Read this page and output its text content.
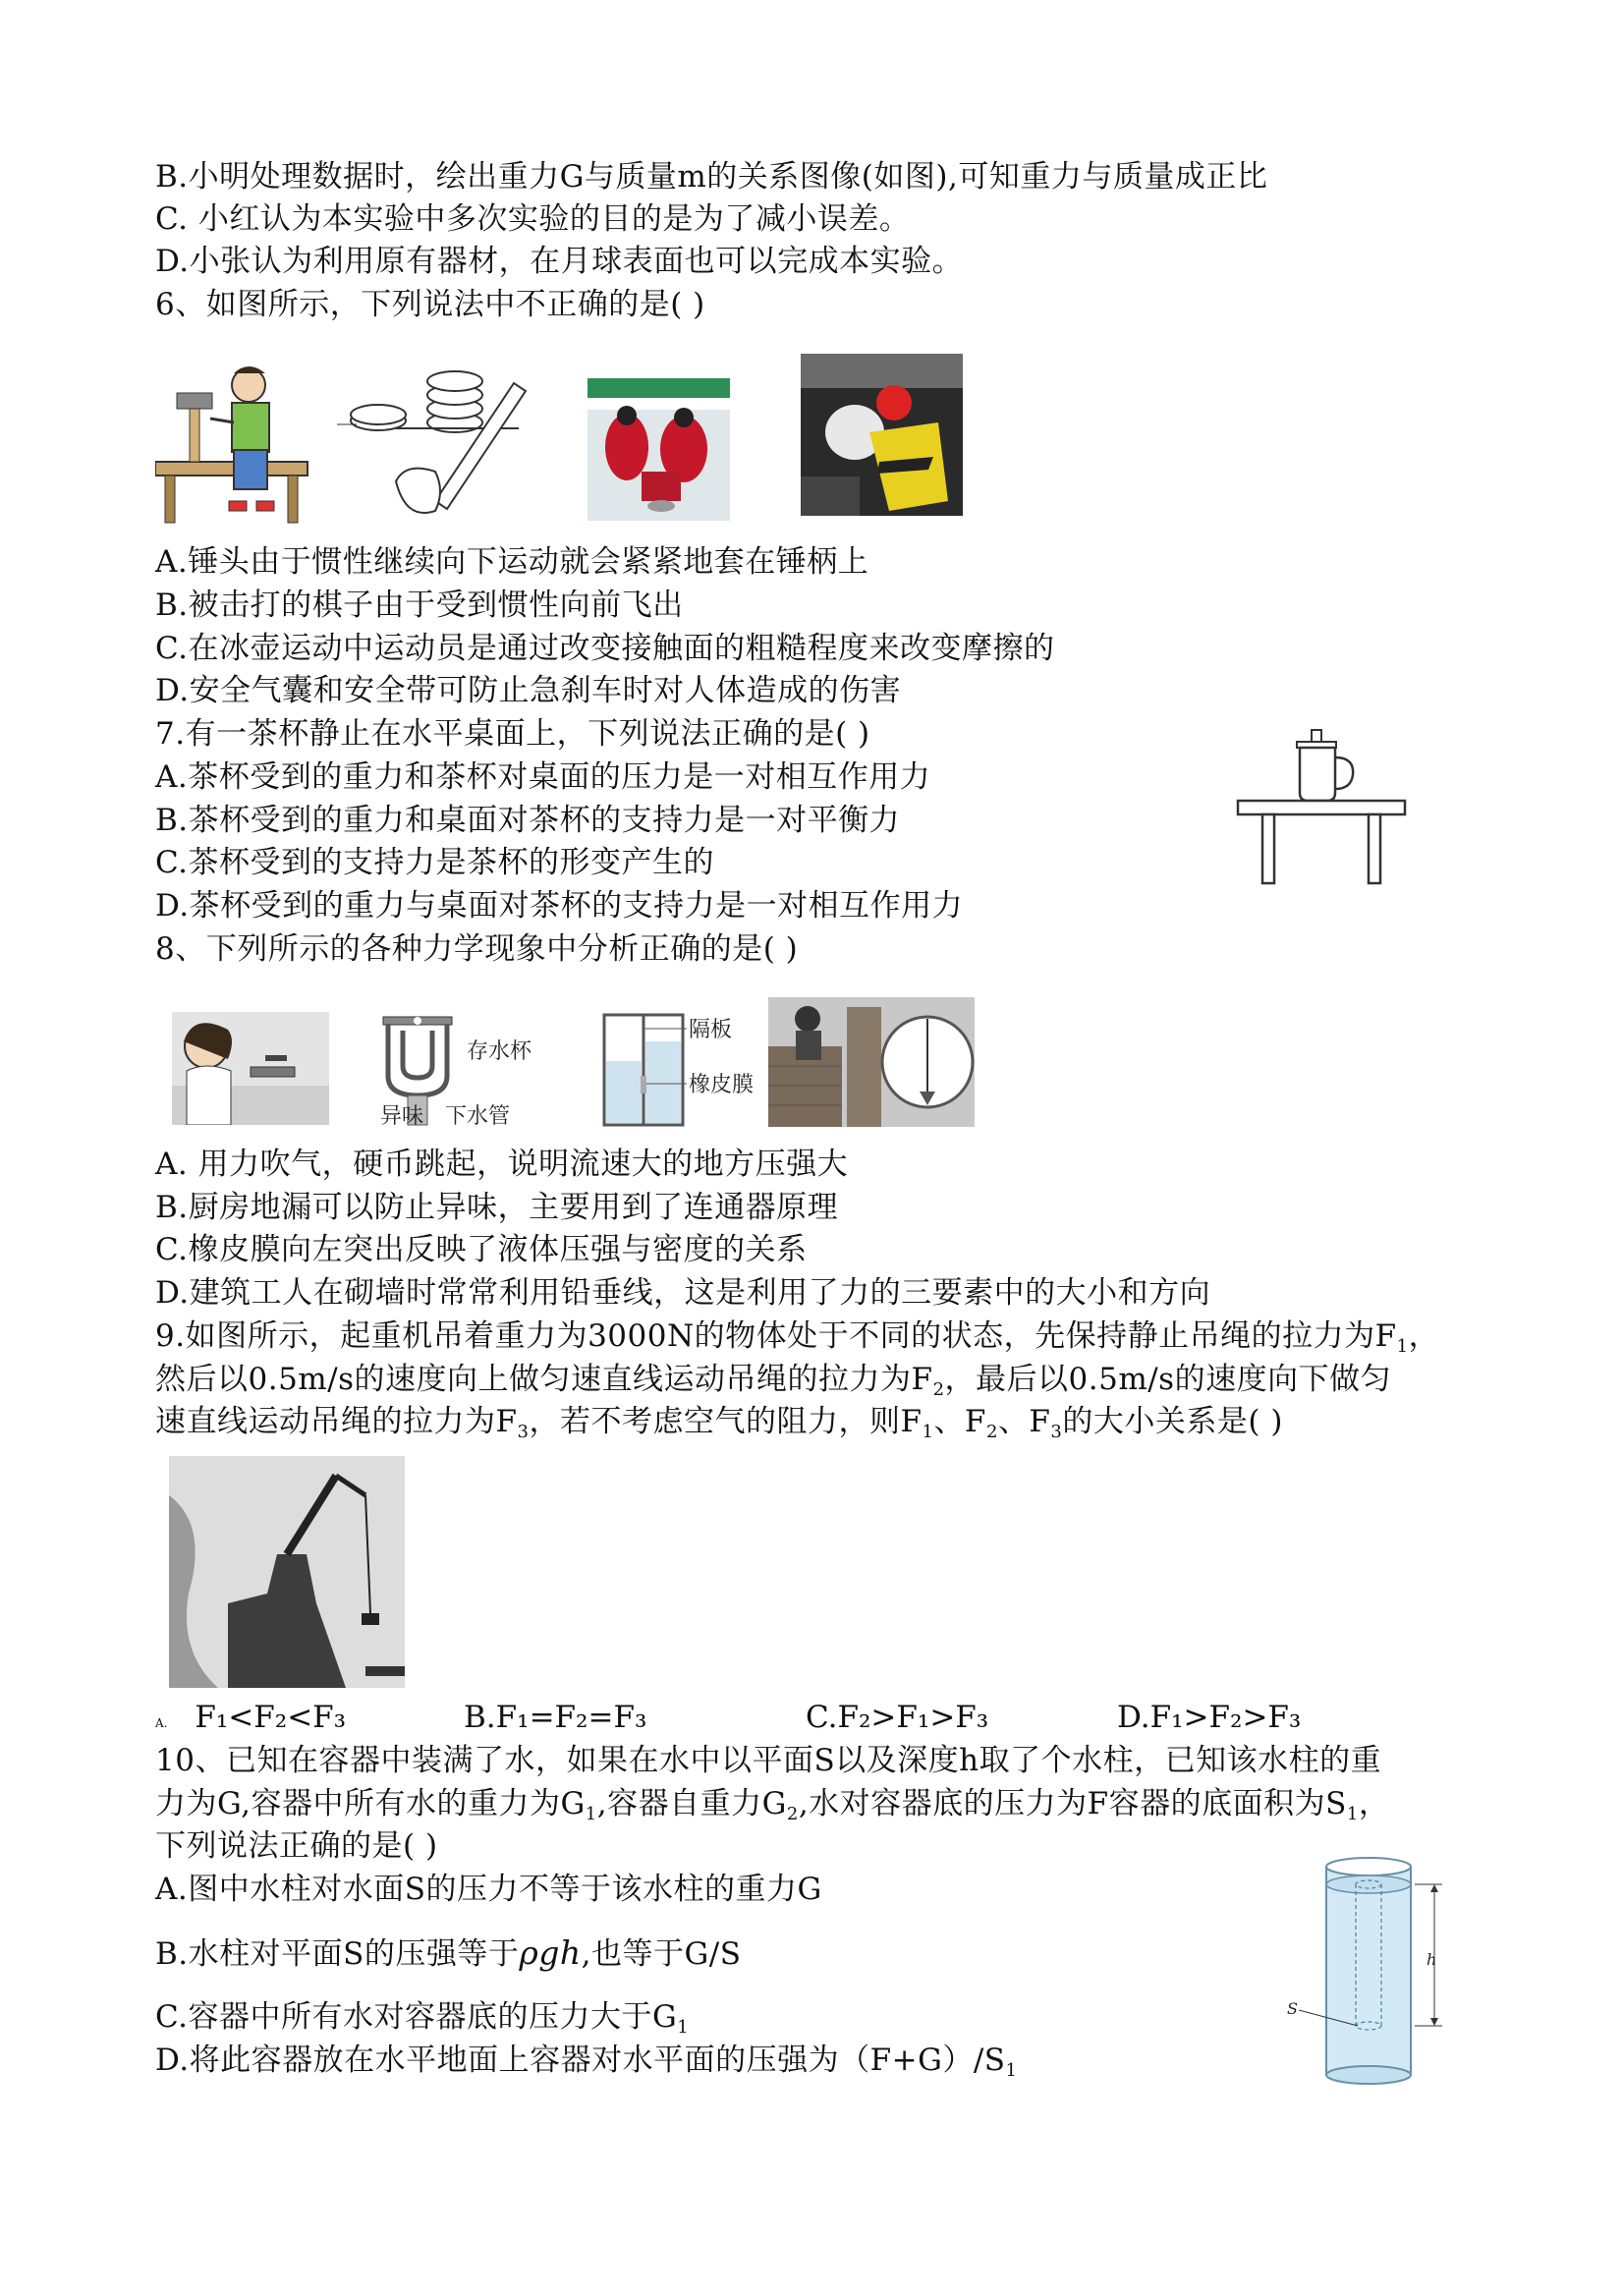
B.小明处理数据时，绘出重力G与质量m的关系图像(如图),可知重力与质量成正比
C. 小红认为本实验中多次实验的目的是为了减小误差。
D.小张认为利用原有器材，在月球表面也可以完成本实验。
6、如图所示，下列说法中不正确的是( )
A.锤头由于惯性继续向下运动就会紧紧地套在锤柄上
B.被击打的棋子由于受到惯性向前飞出
C.在冰壶运动中运动员是通过改变接触面的粗糙程度来改变摩擦的
D.安全气囊和安全带可防止急刹车时对人体造成的伤害
7.有一茶杯静止在水平桌面上，下列说法正确的是( )
A.茶杯受到的重力和茶杯对桌面的压力是一对相互作用力
B.茶杯受到的重力和桌面对茶杯的支持力是一对平衡力
C.茶杯受到的支持力是茶杯的形变产生的
D.茶杯受到的重力与桌面对茶杯的支持力是一对相互作用力
8、下列所示的各种力学现象中分析正确的是( )
存水杯
异味 下水管
隔板
橡皮膜
A. 用力吹气，硬币跳起，说明流速大的地方压强大
B.厨房地漏可以防止异味，主要用到了连通器原理
C.橡皮膜向左突出反映了液体压强与密度的关系
D.建筑工人在砌墙时常常利用铅垂线，这是利用了力的三要素中的大小和方向
9.如图所示，起重机吊着重力为3000N的物体处于不同的状态，先保持静止吊绳的拉力为$F_1$，
然后以0.5m/s的速度向上做匀速直线运动吊绳的拉力为$F_2$，最后以0.5m/s的速度向下做匀
速直线运动吊绳的拉力为$F_3$，若不考虑空气的阻力，则$F_1$、$F_2$、$F_3$的大小关系是( )
A. F₁<F₂<F₃	B.F₁=F₂=F₃	C.F₂>F₁>F₃	D.F₁>F₂>F₃
10、已知在容器中装满了水，如果在水中以平面S以及深度h取了个水柱，已知该水柱的重
力为G,容器中所有水的重力为$G_1$,容器自重力$G_2$,水对容器底的压力为F容器的底面积为$S_1$，
下列说法正确的是( )
A.图中水柱对水面S的压力不等于该水柱的重力G
B.水柱对平面S的压强等于ρgh,也等于G/S
C.容器中所有水对容器底的压力大于$G_1$
D.将此容器放在水平地面上容器对水平面的压强为$(F+G)/S_1$
h
S
